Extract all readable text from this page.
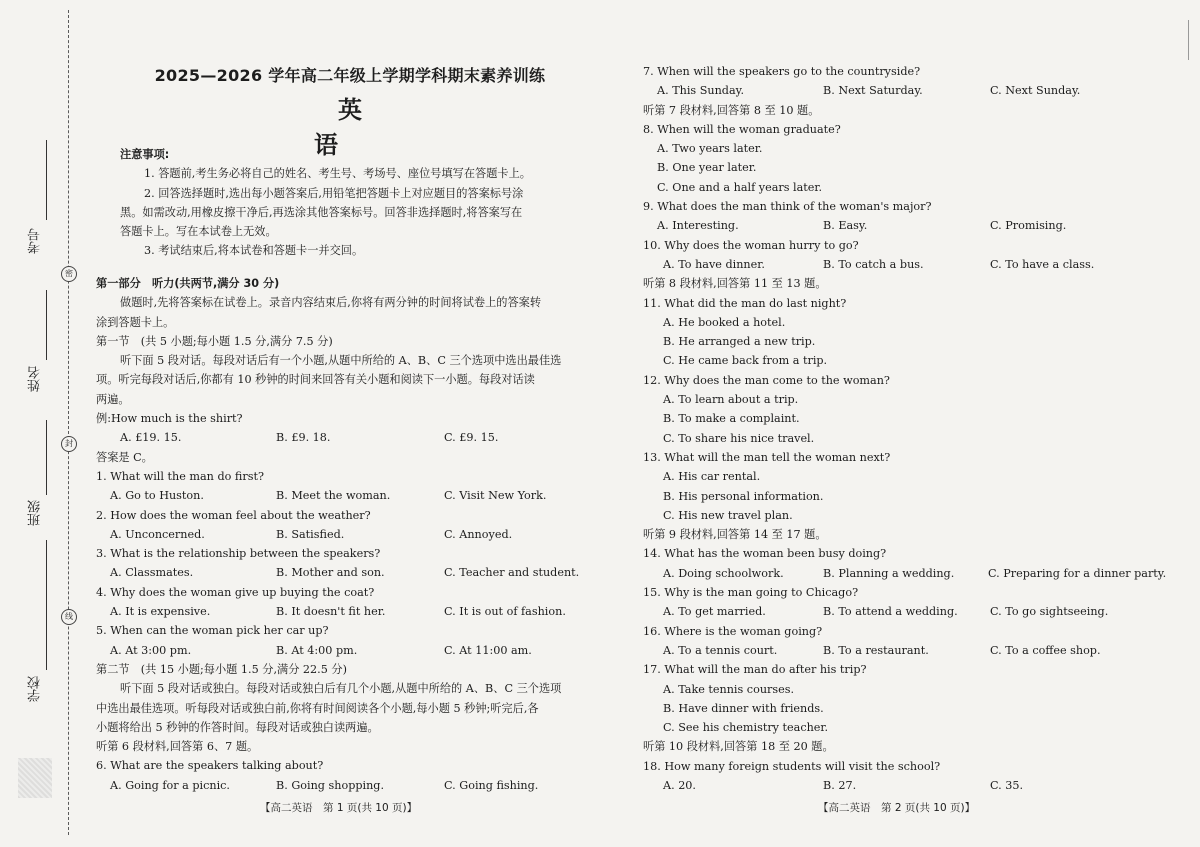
考号
姓名
班级
学校
密
封
线
2025—2026 学年高二年级上学期学科期末素养训练
英 语
注意事项:
1. 答题前,考生务必将自己的姓名、考生号、考场号、座位号填写在答题卡上。
2. 回答选择题时,选出每小题答案后,用铅笔把答题卡上对应题目的答案标号涂
黑。如需改动,用橡皮擦干净后,再选涂其他答案标号。回答非选择题时,将答案写在
答题卡上。写在本试卷上无效。
3. 考试结束后,将本试卷和答题卡一并交回。
第一部分　听力(共两节,满分 30 分)
做题时,先将答案标在试卷上。录音内容结束后,你将有两分钟的时间将试卷上的答案转
涂到答题卡上。
第一节　(共 5 小题;每小题 1.5 分,满分 7.5 分)
听下面 5 段对话。每段对话后有一个小题,从题中所给的 A、B、C 三个选项中选出最佳选
项。听完每段对话后,你都有 10 秒钟的时间来回答有关小题和阅读下一小题。每段对话读
两遍。
例:How much is the shirt?
A. £19. 15.	B. £9. 18.	C. £9. 15.
答案是 C。
1. What will the man do first?
A. Go to Huston.	B. Meet the woman.	C. Visit New York.
2. How does the woman feel about the weather?
A. Unconcerned.	B. Satisfied.	C. Annoyed.
3. What is the relationship between the speakers?
A. Classmates.	B. Mother and son.	C. Teacher and student.
4. Why does the woman give up buying the coat?
A. It is expensive.	B. It doesn't fit her.	C. It is out of fashion.
5. When can the woman pick her car up?
A. At 3:00 pm.	B. At 4:00 pm.	C. At 11:00 am.
第二节　(共 15 小题;每小题 1.5 分,满分 22.5 分)
听下面 5 段对话或独白。每段对话或独白后有几个小题,从题中所给的 A、B、C 三个选项
中选出最佳选项。听每段对话或独白前,你将有时间阅读各个小题,每小题 5 秒钟;听完后,各
小题将给出 5 秒钟的作答时间。每段对话或独白读两遍。
听第 6 段材料,回答第 6、7 题。
6. What are the speakers talking about?
A. Going for a picnic.	B. Going shopping.	C. Going fishing.
【高二英语　第 1 页(共 10 页)】
7. When will the speakers go to the countryside?
A. This Sunday.	B. Next Saturday.	C. Next Sunday.
听第 7 段材料,回答第 8 至 10 题。
8. When will the woman graduate?
A. Two years later.
B. One year later.
C. One and a half years later.
9. What does the man think of the woman's major?
A. Interesting.	B. Easy.	C. Promising.
10. Why does the woman hurry to go?
A. To have dinner.	B. To catch a bus.	C. To have a class.
听第 8 段材料,回答第 11 至 13 题。
11. What did the man do last night?
A. He booked a hotel.
B. He arranged a new trip.
C. He came back from a trip.
12. Why does the man come to the woman?
A. To learn about a trip.
B. To make a complaint.
C. To share his nice travel.
13. What will the man tell the woman next?
A. His car rental.
B. His personal information.
C. His new travel plan.
听第 9 段材料,回答第 14 至 17 题。
14. What has the woman been busy doing?
A. Doing schoolwork.	B. Planning a wedding.	C. Preparing for a dinner party.
15. Why is the man going to Chicago?
A. To get married.	B. To attend a wedding.	C. To go sightseeing.
16. Where is the woman going?
A. To a tennis court.	B. To a restaurant.	C. To a coffee shop.
17. What will the man do after his trip?
A. Take tennis courses.
B. Have dinner with friends.
C. See his chemistry teacher.
听第 10 段材料,回答第 18 至 20 题。
18. How many foreign students will visit the school?
A. 20.	B. 27.	C. 35.
【高二英语　第 2 页(共 10 页)】
